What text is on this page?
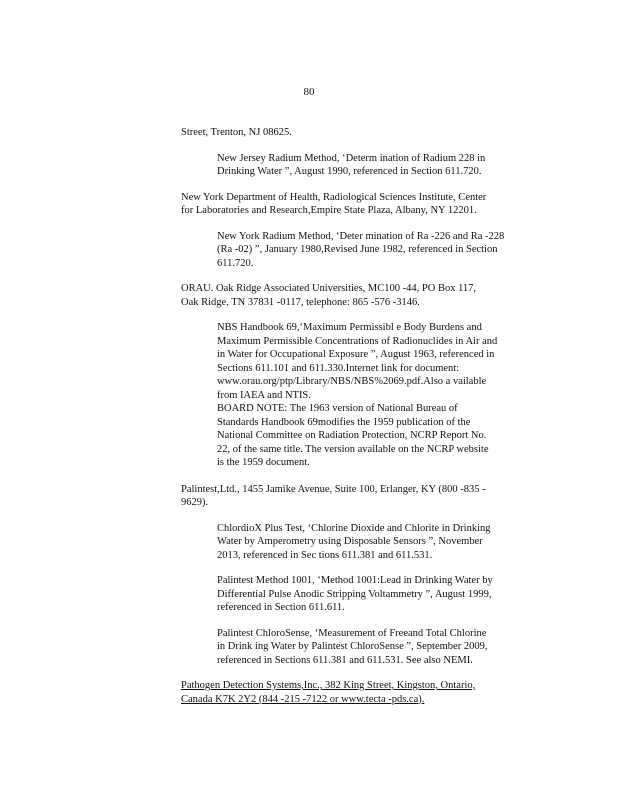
80
Street, Trenton, NJ 08625.
New Jersey Radium Method, ‘Determ ination of Radium 228 in
Drinking Water ”, August 1990, referenced in Section 611.720.
New York Department of Health, Radiological Sciences Institute, Center
for Laboratories and Research,Empire State Plaza, Albany, NY 12201.
New York Radium Method, ‘Deter mination of Ra -226 and Ra -228
(Ra -02) ”, January 1980,Revised June 1982, referenced in Section
611.720.
ORAU. Oak Ridge Associated Universities, MC100 -44, PO Box 117,
Oak Ridge, TN 37831 -0117, telephone: 865 -576 -3146.
NBS Handbook 69,‘Maximum Permissibl e Body Burdens and
Maximum Permissible Concentrations of Radionuclides in Air and
in Water for Occupational Exposure ”, August 1963, referenced in
Sections 611.101 and 611.330.Internet link for document:
www.orau.org/ptp/Library/NBS/NBS%2069.pdf.Also a vailable
from IAEA and NTIS.
BOARD NOTE: The 1963 version of National Bureau of
Standards Handbook 69modifies the 1959 publication of the
National Committee on Radiation Protection, NCRP Report No.
22, of the same title. The version available on the NCRP website
is the 1959 document.
Palintest,Ltd., 1455 Jamike Avenue, Suite 100, Erlanger, KY (800 -835 -
9629).
ChlordioX Plus Test, ‘Chlorine Dioxide and Chlorite in Drinking
Water by Amperometry using Disposable Sensors ”, November
2013, referenced in Sec tions 611.381 and 611.531.
Palintest Method 1001, ‘Method 1001:Lead in Drinking Water by
Differential Pulse Anodic Stripping Voltammetry ”, August 1999,
referenced in Section 611.611.
Palintest ChloroSense, ‘Measurement of Freeand Total Chlorine
in Drink ing Water by Palintest ChloroSense ”, September 2009,
referenced in Sections 611.381 and 611.531. See also NEMI.
Pathogen Detection Systems,Inc., 382 King Street, Kingston, Ontario,
Canada K7K 2Y2 (844 -215 -7122 or www.tecta -pds.ca).
